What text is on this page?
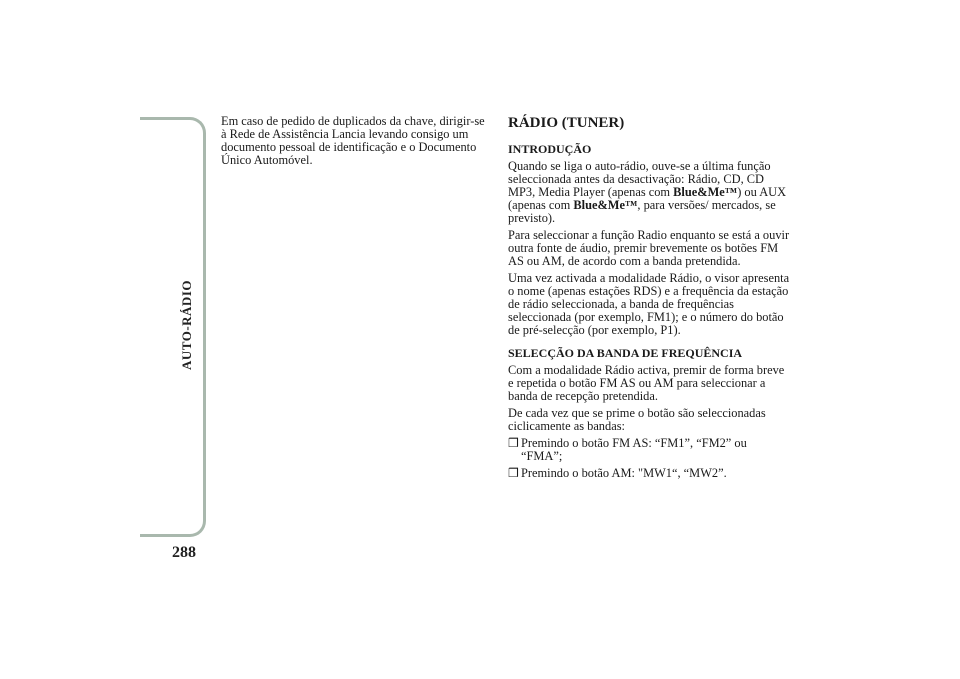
AUTO-RÁDIO
288

Em caso de pedido de duplicados da chave, dirigir-se à Rede de Assistência Lancia levando consigo um documento pessoal de identificação e o Documento Único Automóvel.

RÁDIO (TUNER)
INTRODUÇÃO

Quando se liga o auto-rádio, ouve-se a última função seleccionada antes da desactivação: Rádio, CD, CD MP3, Media Player (apenas com Blue&Me™) ou AUX (apenas com Blue&Me™, para versões/ mercados, se previsto).

Para seleccionar a função Radio enquanto se está a ouvir outra fonte de áudio, premir brevemente os botões FM AS ou AM, de acordo com a banda pretendida.

Uma vez activada a modalidade Rádio, o visor apresenta o nome (apenas estações RDS) e a frequência da estação de rádio seleccionada, a banda de frequências seleccionada (por exemplo, FM1); e o número do botão de pré-selecção (por exemplo, P1).

SELECÇÃO DA BANDA DE FREQUÊNCIA

Com a modalidade Rádio activa, premir de forma breve e repetida o botão FM AS ou AM para seleccionar a banda de recepção pretendida.

De cada vez que se prime o botão são seleccionadas ciclicamente as bandas:

❒ Premindo o botão FM AS: “FM1”, “FM2” ou “FMA”;
❒ Premindo o botão AM: "MW1“, “MW2”.
